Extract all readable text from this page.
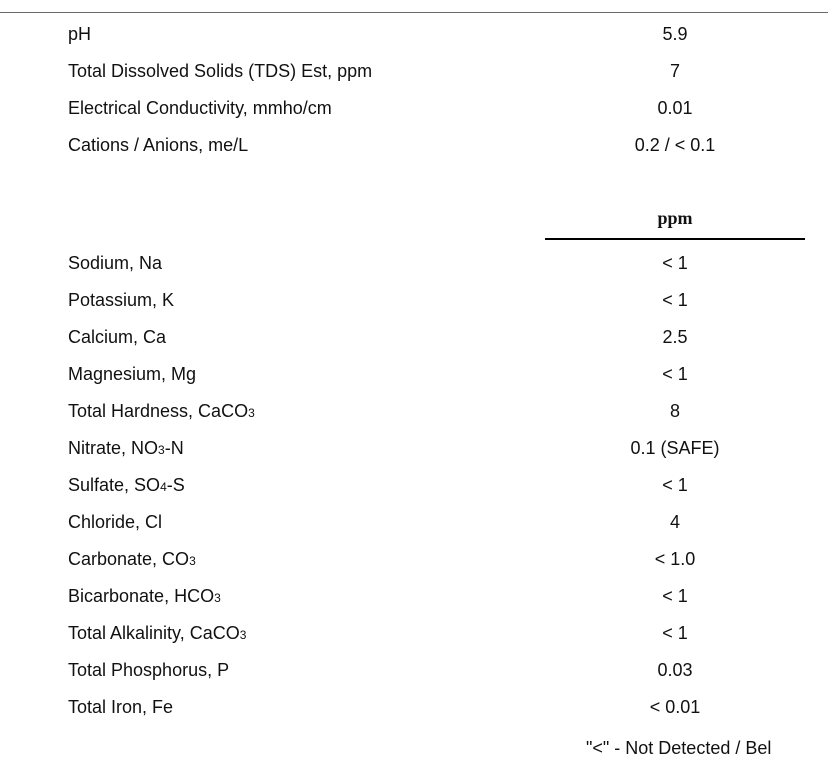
pH	5.9
Total Dissolved Solids (TDS) Est, ppm	7
Electrical Conductivity, mmho/cm	0.01
Cations / Anions, me/L	0.2 / < 0.1
ppm
Sodium, Na	< 1
Potassium, K	< 1
Calcium, Ca	2.5
Magnesium, Mg	< 1
Total Hardness, CaCO3	8
Nitrate, NO3-N	0.1 (SAFE)
Sulfate, SO4-S	< 1
Chloride, Cl	4
Carbonate, CO3	< 1.0
Bicarbonate, HCO3	< 1
Total Alkalinity, CaCO3	< 1
Total Phosphorus, P	0.03
Total Iron, Fe	< 0.01
"<" - Not Detected / Bel
